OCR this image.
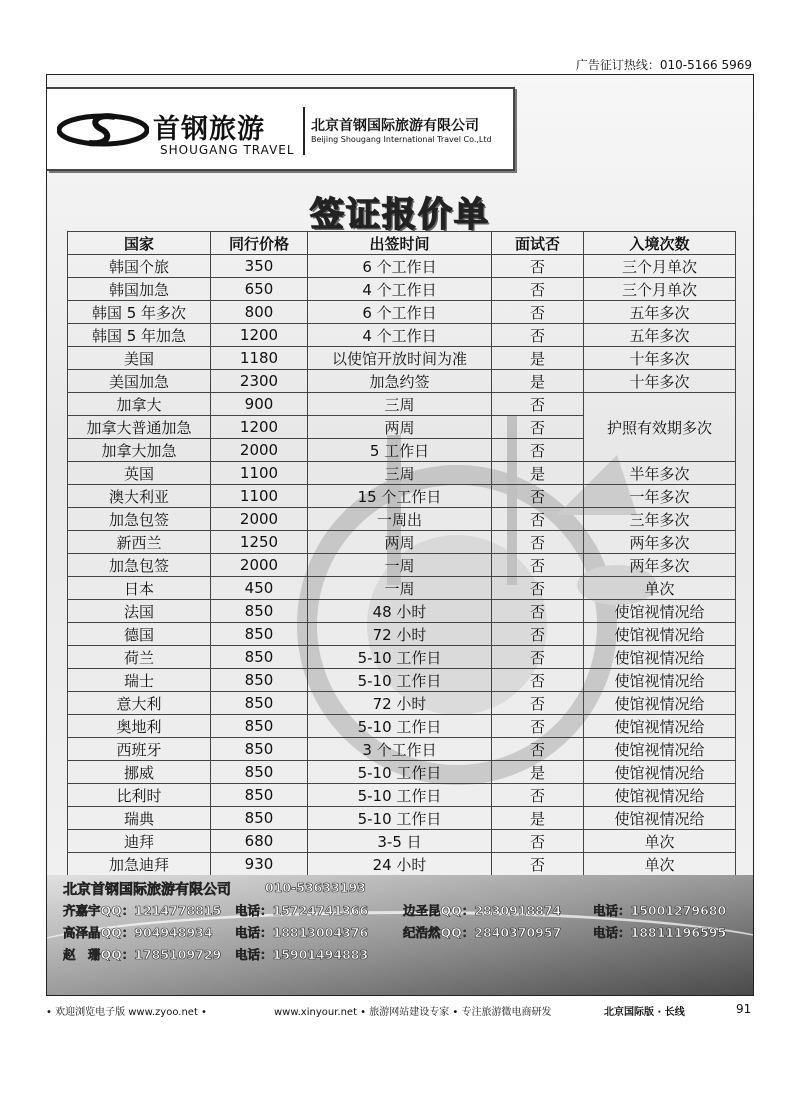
广告征订热线：010-5166 5969
首钢旅游
SHOUGANG TRAVEL
北京首钢国际旅游有限公司
Beijing Shougang International Travel Co.,Ltd
签证报价单
国家	同行价格	出签时间	面试否	入境次数
韩国个旅	350	6 个工作日	否	三个月单次
韩国加急	650	4 个工作日	否	三个月单次
韩国 5 年多次	800	6 个工作日	否	五年多次
韩国 5 年加急	1200	4 个工作日	否	五年多次
美国	1180	以使馆开放时间为准	是	十年多次
美国加急	2300	加急约签	是	十年多次
加拿大	900	三周	否	护照有效期多次
加拿大普通加急	1200	两周	否	
加拿大加急	2000	5 工作日	否	
英国	1100	三周	是	半年多次
澳大利亚	1100	15 个工作日	否	一年多次
加急包签	2000	一周出	否	三年多次
新西兰	1250	两周	否	两年多次
加急包签	2000	一周	否	两年多次
日本	450	一周	否	单次
法国	850	48 小时	否	使馆视情况给
德国	850	72 小时	否	使馆视情况给
荷兰	850	5-10 工作日	否	使馆视情况给
瑞士	850	5-10 工作日	否	使馆视情况给
意大利	850	72 小时	否	使馆视情况给
奥地利	850	5-10 工作日	否	使馆视情况给
西班牙	850	3 个工作日	否	使馆视情况给
挪威	850	5-10 工作日	是	使馆视情况给
比利时	850	5-10 工作日	否	使馆视情况给
瑞典	850	5-10 工作日	是	使馆视情况给
迪拜	680	3-5 日	否	单次
加急迪拜	930	24 小时	否	单次
北京首钢国际旅游有限公司	010-53633193
齐嘉宇QQ：1214778815 电话：15724741366	边圣昆QQ：2830918874	电话：15001279680
高泽晶QQ：904948934 电话：18813004376	纪浩然QQ：2840370957	电话：18811196595
赵　珊QQ：1785109729 电话：15901494883
• 欢迎浏览电子版 www.zyoo.net •	www.xinyour.net • 旅游网站建设专家 • 专注旅游微电商研发	北京国际版 · 长线	91
